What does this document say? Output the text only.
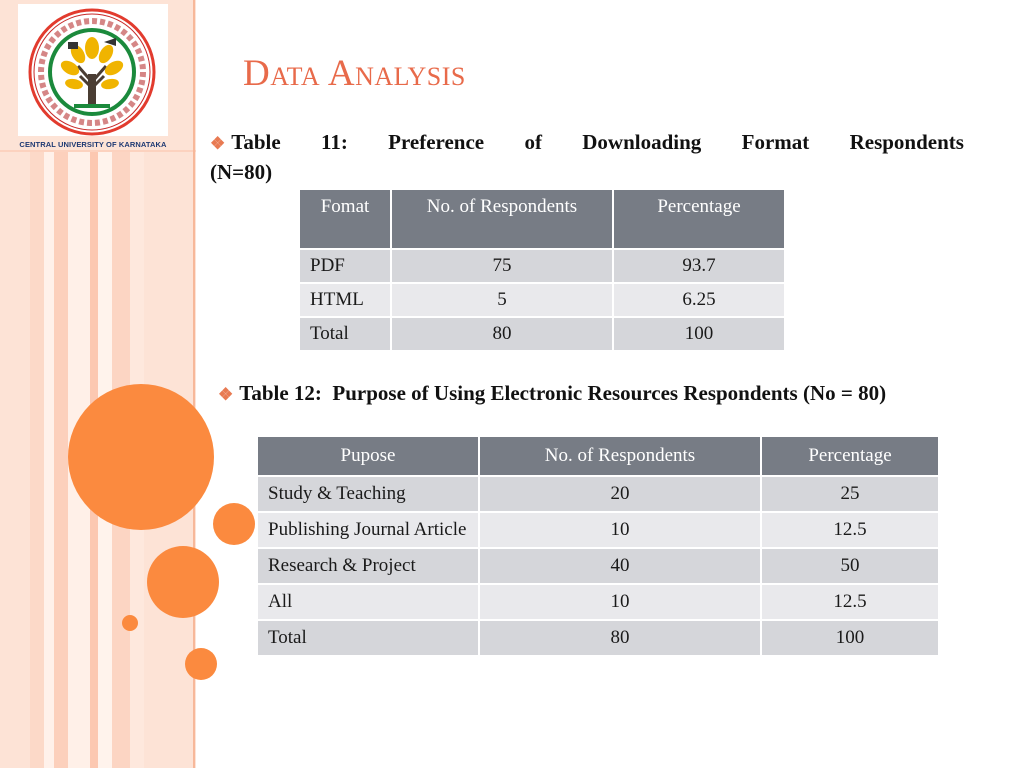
CENTRAL UNIVERSITY OF KARNATAKA
Data Analysis
❖ Table 11: Preference of Downloading Format Respondents
(N=80)
Fomat	No. of Respondents	Percentage
PDF	75	93.7
HTML	5	6.25
Total	80	100
❖ Table 12:  Purpose of Using Electronic Resources Respondents (No = 80)
Pupose	No. of Respondents	Percentage
Study & Teaching	20	25
Publishing Journal Article	10	12.5
Research & Project	40	50
All	10	12.5
Total	80	100
